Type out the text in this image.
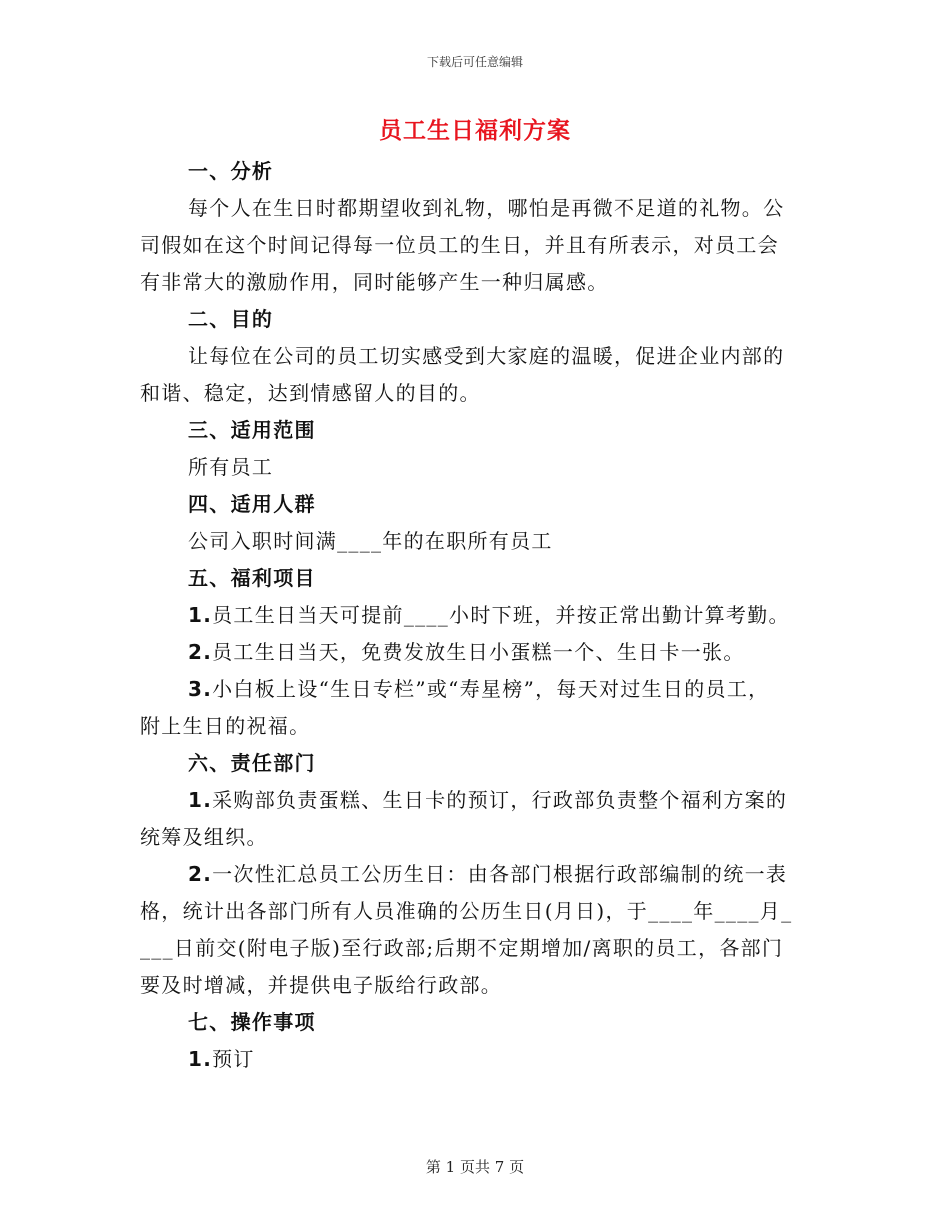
下载后可任意编辑
员工生日福利方案
一、分析
每个人在生日时都期望收到礼物，哪怕是再微不足道的礼物。公
司假如在这个时间记得每一位员工的生日，并且有所表示，对员工会
有非常大的激励作用，同时能够产生一种归属感。
二、目的
让每位在公司的员工切实感受到大家庭的温暖，促进企业内部的
和谐、稳定，达到情感留人的目的。
三、适用范围
所有员工
四、适用人群
公司入职时间满____年的在职所有员工
五、福利项目
1.员工生日当天可提前____小时下班，并按正常出勤计算考勤。
2.员工生日当天，免费发放生日小蛋糕一个、生日卡一张。
3.小白板上设“生日专栏”或“寿星榜”，每天对过生日的员工，
附上生日的祝福。
六、责任部门
1.采购部负责蛋糕、生日卡的预订，行政部负责整个福利方案的
统筹及组织。
2.一次性汇总员工公历生日：由各部门根据行政部编制的统一表
格，统计出各部门所有人员准确的公历生日(月日)，于____年____月_
___日前交(附电子版)至行政部;后期不定期增加/离职的员工，各部门
要及时增减，并提供电子版给行政部。
七、操作事项
1.预订
第 1 页共 7 页
